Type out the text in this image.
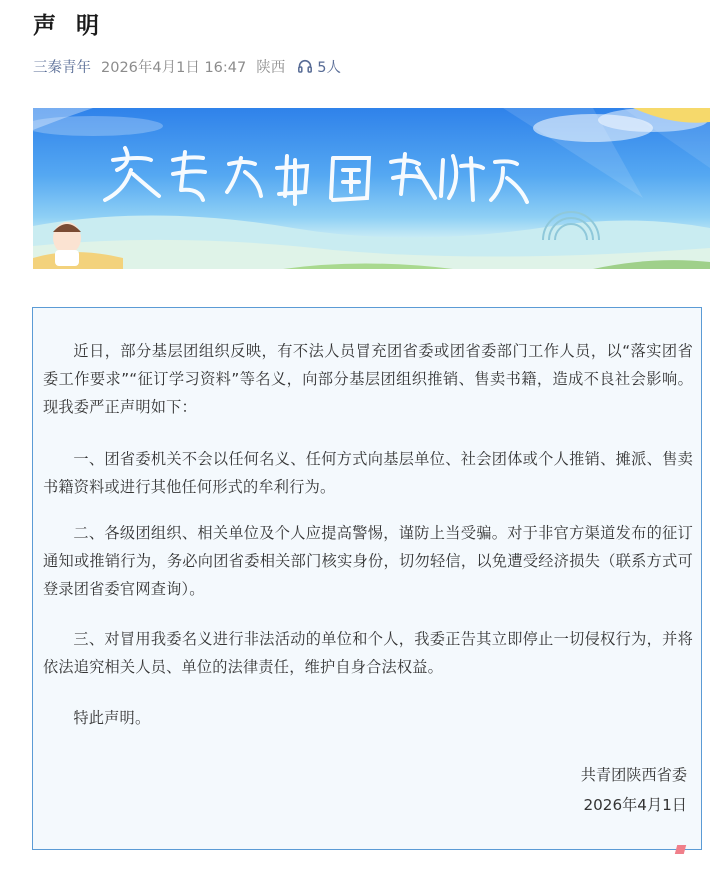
声 明
三秦青年 2026年4月1日 16:47 陕西 5人

近日，部分基层团组织反映，有不法人员冒充团省委或团省委部门工作人员，以“落实团省委工作要求”“征订学习资料”等名义，向部分基层团组织推销、售卖书籍，造成不良社会影响。现我委严正声明如下：

一、团省委机关不会以任何名义、任何方式向基层单位、社会团体或个人推销、摊派、售卖书籍资料或进行其他任何形式的牟利行为。

二、各级团组织、相关单位及个人应提高警惕，谨防上当受骗。对于非官方渠道发布的征订通知或推销行为，务必向团省委相关部门核实身份，切勿轻信，以免遭受经济损失（联系方式可登录团省委官网查询）。

三、对冒用我委名义进行非法活动的单位和个人，我委正告其立即停止一切侵权行为，并将依法追究相关人员、单位的法律责任，维护自身合法权益。

特此声明。

共青团陕西省委
2026年4月1日
